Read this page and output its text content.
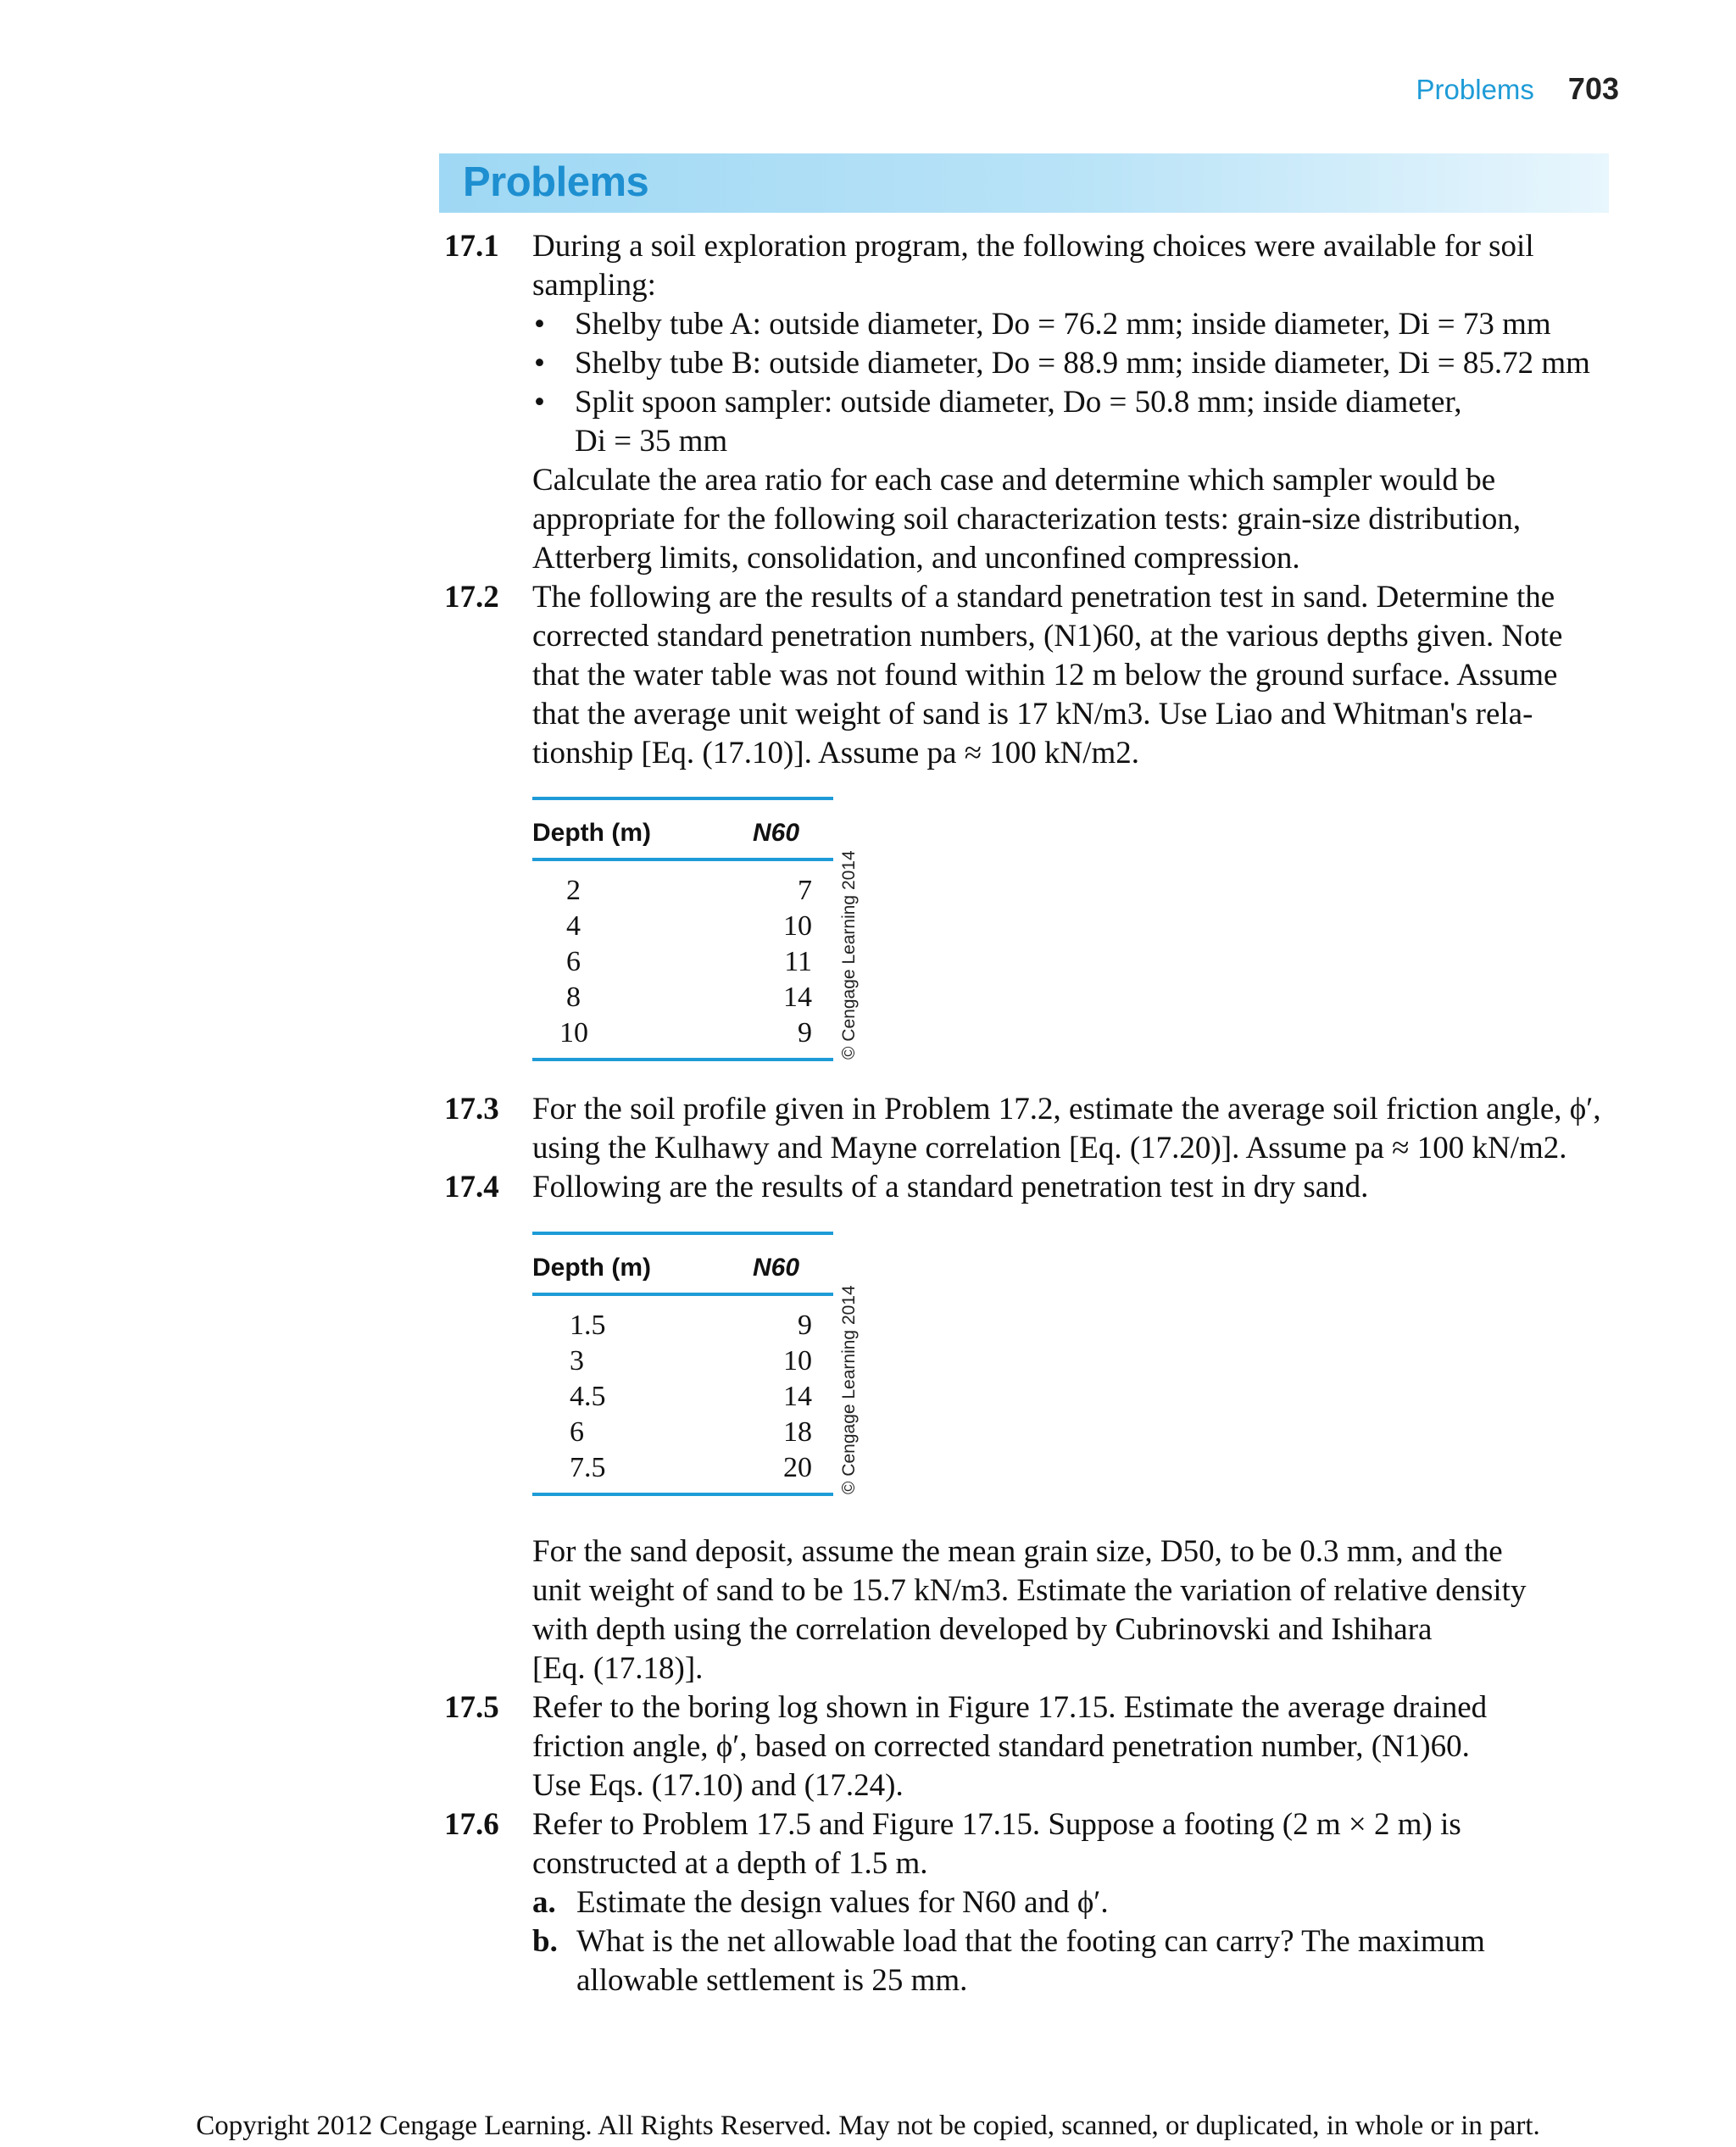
Problems 703
Problems
17.1 During a soil exploration program, the following choices were available for soil
sampling:
• Shelby tube A: outside diameter, Do = 76.2 mm; inside diameter, Di = 73 mm
• Shelby tube B: outside diameter, Do = 88.9 mm; inside diameter, Di = 85.72 mm
• Split spoon sampler: outside diameter, Do = 50.8 mm; inside diameter,
Di = 35 mm
Calculate the area ratio for each case and determine which sampler would be
appropriate for the following soil characterization tests: grain-size distribution,
Atterberg limits, consolidation, and unconfined compression.
17.2 The following are the results of a standard penetration test in sand. Determine the
corrected standard penetration numbers, (N1)60, at the various depths given. Note
that the water table was not found within 12 m below the ground surface. Assume
that the average unit weight of sand is 17 kN/m3. Use Liao and Whitman's rela-
tionship [Eq. (17.10)]. Assume pa ≈ 100 kN/m2.
Depth (m)	N60
2	7
4	10
6	11
8	14
10	9 © Cengage Learning 2014
17.3 For the soil profile given in Problem 17.2, estimate the average soil friction angle, ϕ′,
using the Kulhawy and Mayne correlation [Eq. (17.20)]. Assume pa ≈ 100 kN/m2.
17.4 Following are the results of a standard penetration test in dry sand.
Depth (m)	N60
1.5	9
3	10
4.5	14
6	18
7.5	20 © Cengage Learning 2014
For the sand deposit, assume the mean grain size, D50, to be 0.3 mm, and the
unit weight of sand to be 15.7 kN/m3. Estimate the variation of relative density
with depth using the correlation developed by Cubrinovski and Ishihara
[Eq. (17.18)].
17.5 Refer to the boring log shown in Figure 17.15. Estimate the average drained
friction angle, ϕ′, based on corrected standard penetration number, (N1)60.
Use Eqs. (17.10) and (17.24).
17.6 Refer to Problem 17.5 and Figure 17.15. Suppose a footing (2 m × 2 m) is
constructed at a depth of 1.5 m.
a. Estimate the design values for N60 and ϕ′.
b. What is the net allowable load that the footing can carry? The maximum
allowable settlement is 25 mm.
Copyright 2012 Cengage Learning. All Rights Reserved. May not be copied, scanned, or duplicated, in whole or in part.
